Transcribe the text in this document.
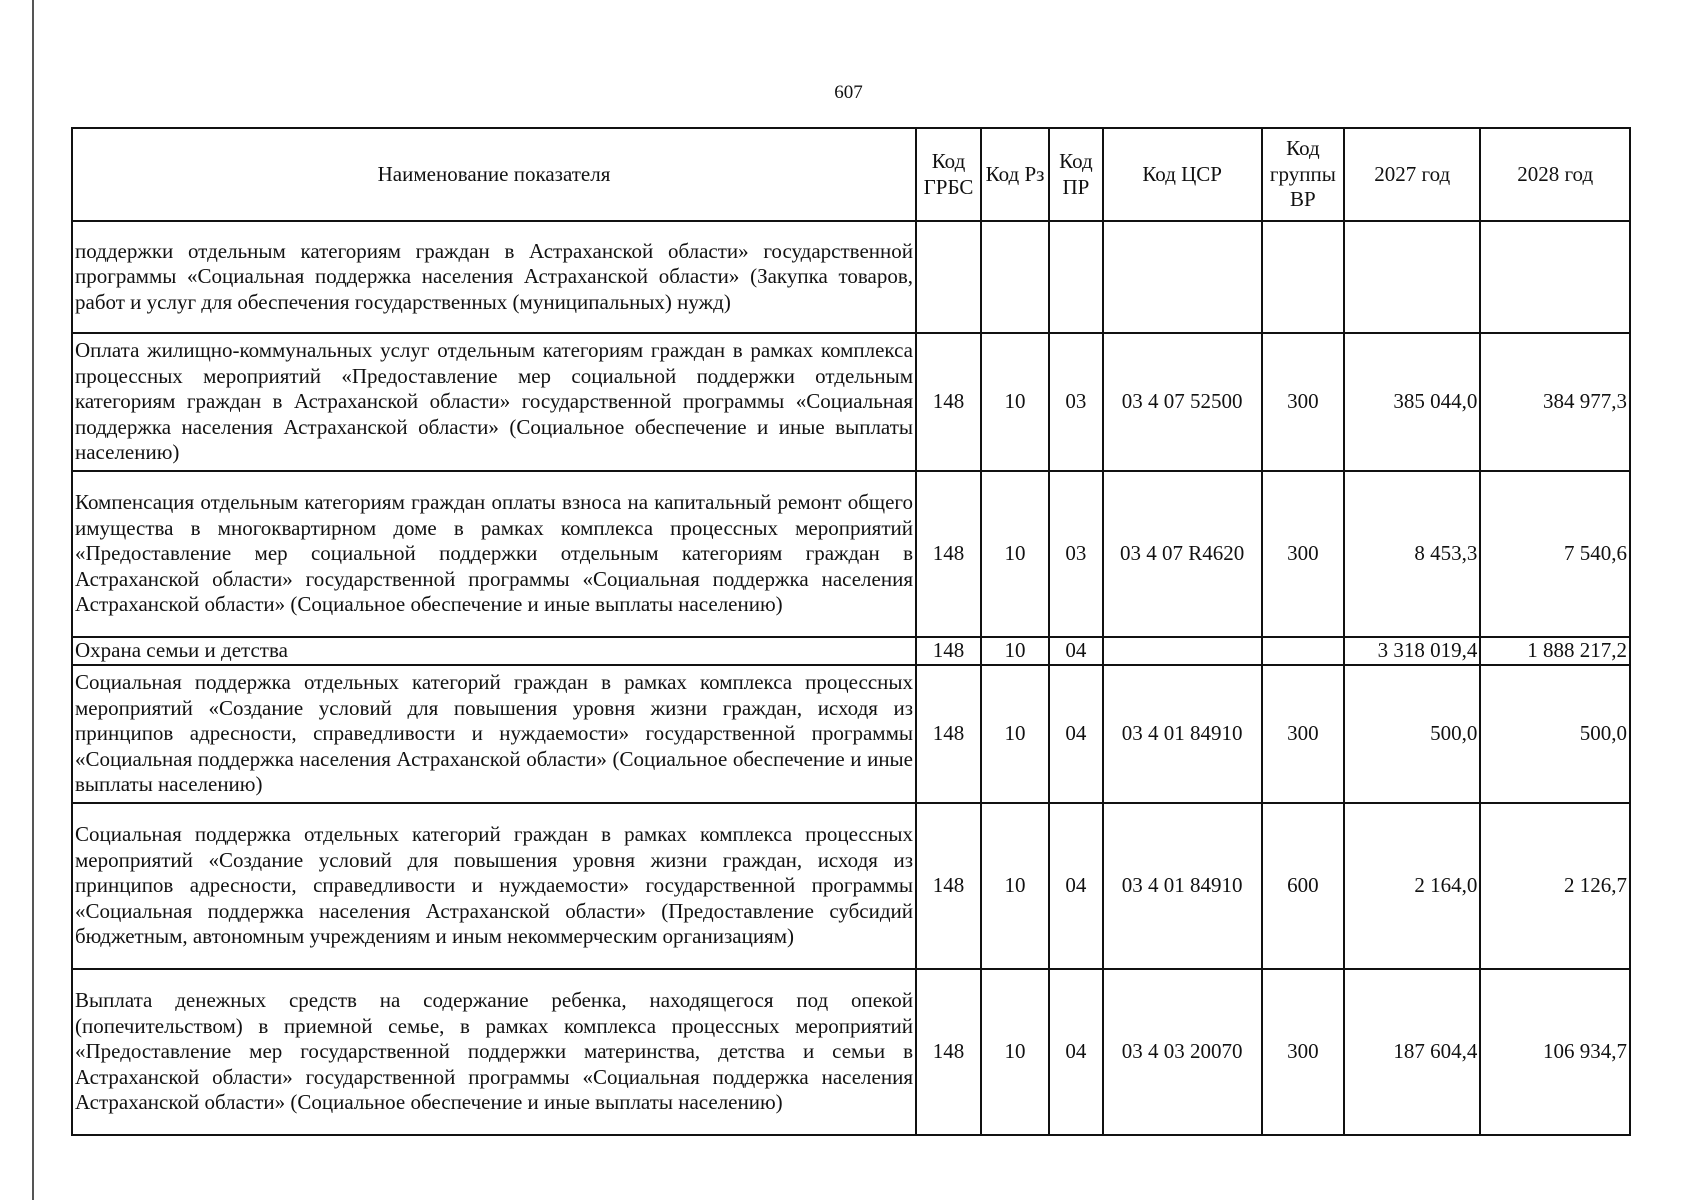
607
Наименование показателя	Код ГРБС	Код Рз	Код ПР	Код ЦСР	Код группы ВР	2027 год	2028 год
поддержки отдельным категориям граждан в Астраханской области» государственной программы «Социальная поддержка населения Астраханской области» (Закупка товаров, работ и услуг для обеспечения государственных (муниципальных) нужд)							
Оплата жилищно-коммунальных услуг отдельным категориям граждан в рамках комплекса процессных мероприятий «Предоставление мер социальной поддержки отдельным категориям граждан в Астраханской области» государственной программы «Социальная поддержка населения Астраханской области» (Социальное обеспечение и иные выплаты населению)	148	10	03	03 4 07 52500	300	385 044,0	384 977,3
Компенсация отдельным категориям граждан оплаты взноса на капитальный ремонт общего имущества в многоквартирном доме в рамках комплекса процессных мероприятий «Предоставление мер социальной поддержки отдельным категориям граждан в Астраханской области» государственной программы «Социальная поддержка населения Астраханской области» (Социальное обеспечение и иные выплаты населению)	148	10	03	03 4 07 R4620	300	8 453,3	7 540,6
Охрана семьи и детства	148	10	04			3 318 019,4	1 888 217,2
Социальная поддержка отдельных категорий граждан в рамках комплекса процессных мероприятий «Создание условий для повышения уровня жизни граждан, исходя из принципов адресности, справедливости и нуждаемости» государственной программы «Социальная поддержка населения Астраханской области» (Социальное обеспечение и иные выплаты населению)	148	10	04	03 4 01 84910	300	500,0	500,0
Социальная поддержка отдельных категорий граждан в рамках комплекса процессных мероприятий «Создание условий для повышения уровня жизни граждан, исходя из принципов адресности, справедливости и нуждаемости» государственной программы «Социальная поддержка населения Астраханской области» (Предоставление субсидий бюджетным, автономным учреждениям и иным некоммерческим организациям)	148	10	04	03 4 01 84910	600	2 164,0	2 126,7
Выплата денежных средств на содержание ребенка, находящегося под опекой (попечительством) в приемной семье, в рамках комплекса процессных мероприятий «Предоставление мер государственной поддержки материнства, детства и семьи в Астраханской области» государственной программы «Социальная поддержка населения Астраханской области» (Социальное обеспечение и иные выплаты населению)	148	10	04	03 4 03 20070	300	187 604,4	106 934,7
